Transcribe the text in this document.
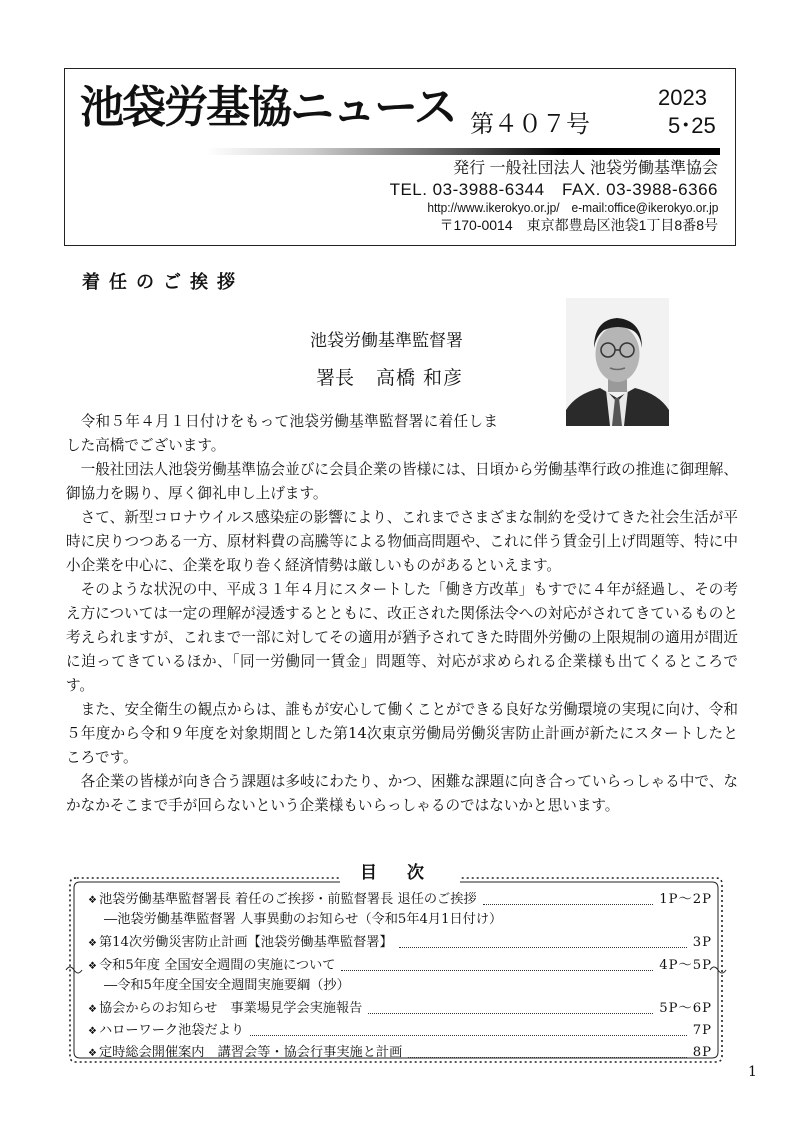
池袋労基協ニュース 第４０７号
2023
5･25
発行 一般社団法人 池袋労働基準協会
TEL. 03-3988-6344　FAX. 03-3988-6366
http://www.ikerokyo.or.jp/　e-mail:office@ikerokyo.or.jp
〒170-0014　東京都豊島区池袋1丁目8番8号
着任のご挨拶
池袋労働基準監督署
署長 高橋 和彦

令和５年４月１日付けをもって池袋労働基準監督署に着任しました高橋でございます。

一般社団法人池袋労働基準協会並びに会員企業の皆様には、日頃から労働基準行政の推進に御理解、御協力を賜り、厚く御礼申し上げます。

さて、新型コロナウイルス感染症の影響により、これまでさまざまな制約を受けてきた社会生活が平時に戻りつつある一方、原材料費の高騰等による物価高問題や、これに伴う賃金引上げ問題等、特に中小企業を中心に、企業を取り巻く経済情勢は厳しいものがあるといえます。

そのような状況の中、平成３１年４月にスタートした「働き方改革」もすでに４年が経過し、その考え方については一定の理解が浸透するとともに、改正された関係法令への対応がされてきているものと考えられますが、これまで一部に対してその適用が猶予されてきた時間外労働の上限規制の適用が間近に迫ってきているほか、「同一労働同一賃金」問題等、対応が求められる企業様も出てくるところです。

また、安全衛生の観点からは、誰もが安心して働くことができる良好な労働環境の実現に向け、令和５年度から令和９年度を対象期間とした第14次東京労働局労働災害防止計画が新たにスタートしたところです。

各企業の皆様が向き合う課題は多岐にわたり、かつ、困難な課題に向き合っていらっしゃる中で、なかなかそこまで手が回らないという企業様もいらっしゃるのではないかと思います。

目次
❖ 池袋労働基準監督署長 着任のご挨拶・前監督署長 退任のご挨拶	1P～2P
―池袋労働基準監督署 人事異動のお知らせ（令和5年4月1日付け）
❖ 第14次労働災害防止計画【池袋労働基準監督署】	3P
❖ 令和5年度 全国安全週間の実施について	4P～5P
―令和5年度全国安全週間実施要綱（抄）
❖ 協会からのお知らせ　事業場見学会実施報告	5P～6P
❖ ハローワーク池袋だより	7P
❖ 定時総会開催案内　講習会等・協会行事実施と計画	8P
1
